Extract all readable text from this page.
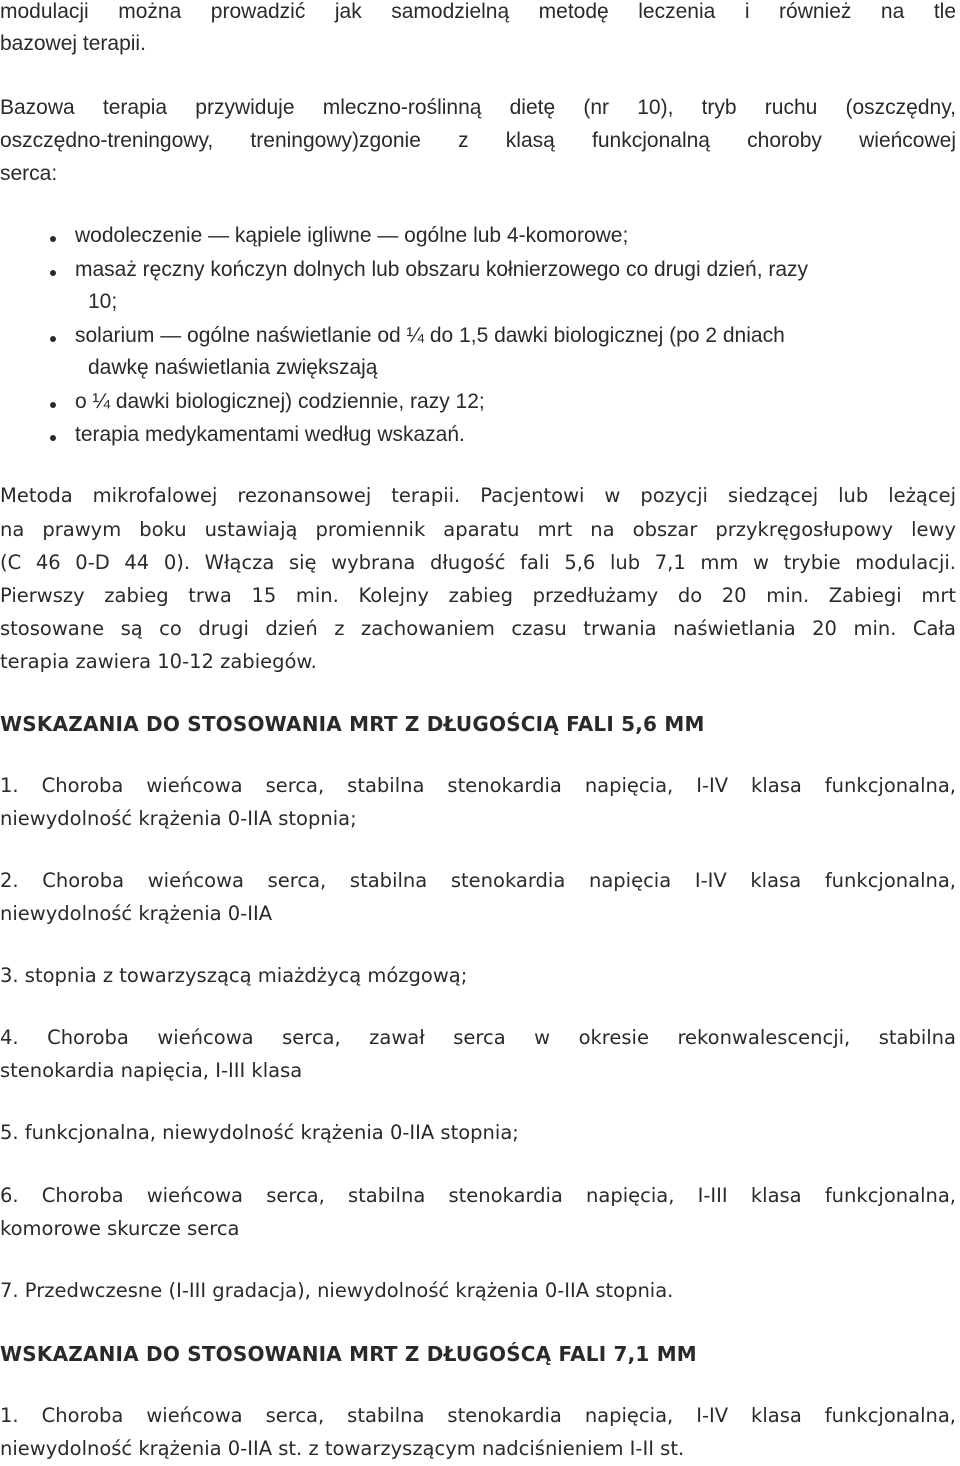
modulacji można prowadzić jak samodzielną metodę leczenia i również na tle
bazowej terapii.
Bazowa terapia przywiduje mleczno-roślinną dietę (nr 10), tryb ruchu (oszczędny,
oszczędno-treningowy, treningowy)zgonie z klasą funkcjonalną choroby wieńcowej
serca:
wodoleczenie — kąpiele igliwne — ogólne lub 4-komorowe;
masaż ręczny kończyn dolnych lub obszaru kołnierzowego co drugi dzień, razy
10;
solarium — ogólne naświetlanie od ¼ do 1,5 dawki biologicznej (po 2 dniach
dawkę naświetlania zwiększają
o ¼ dawki biologicznej) codziennie, razy 12;
terapia medykamentami według wskazań.
Metoda mikrofalowej rezonansowej terapii. Pacjentowi w pozycji siedzącej lub leżącej
na prawym boku ustawiają promiennik aparatu mrt na obszar przykręgosłupowy lewy
(C 46 0-D 44 0). Włącza się wybrana długość fali 5,6 lub 7,1 mm w trybie modulacji.
Pierwszy zabieg trwa 15 min. Kolejny zabieg przedłużamy do 20 min. Zabiegi mrt
stosowane są co drugi dzień z zachowaniem czasu trwania naświetlania 20 min. Cała
terapia zawiera 10-12 zabiegów.
WSKAZANIA DO STOSOWANIA MRT Z DŁUGOŚCIĄ FALI 5,6 MM
1. Choroba wieńcowa serca, stabilna stenokardia napięcia, I-IV klasa funkcjonalna,
niewydolność krążenia 0-IIA stopnia;
2. Choroba wieńcowa serca, stabilna stenokardia napięcia I-IV klasa funkcjonalna,
niewydolność krążenia 0-IIA
3. stopnia z towarzyszącą miażdżycą mózgową;
4. Choroba wieńcowa serca, zawał serca w okresie rekonwalescencji, stabilna
stenokardia napięcia, I-III klasa
5. funkcjonalna, niewydolność krążenia 0-IIA stopnia;
6. Choroba wieńcowa serca, stabilna stenokardia napięcia, I-III klasa funkcjonalna,
komorowe skurcze serca
7. Przedwczesne (I-III gradacja), niewydolność krążenia 0-IIA stopnia.
WSKAZANIA DO STOSOWANIA MRT Z DŁUGOŚCĄ FALI 7,1 MM
1. Choroba wieńcowa serca, stabilna stenokardia napięcia, I-IV klasa funkcjonalna,
niewydolność krążenia 0-IIA st. z towarzyszącym nadciśnieniem I-II st.
